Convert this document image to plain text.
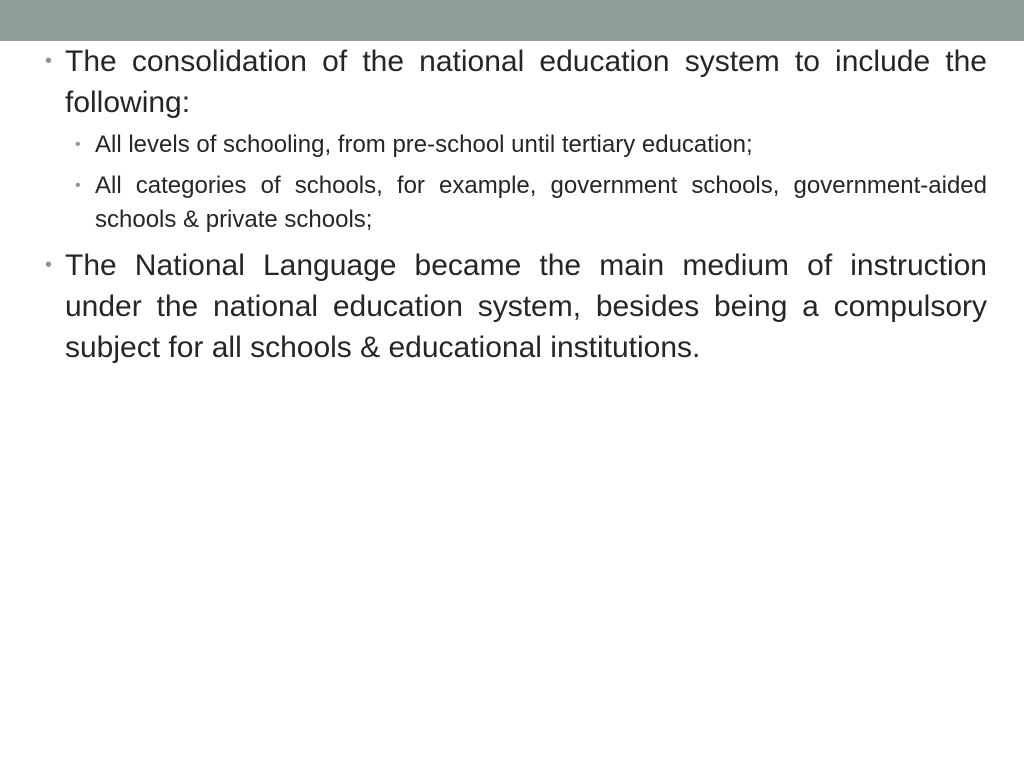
• The consolidation of the national education system to include the following:
• All levels of schooling, from pre-school until tertiary education;
• All categories of schools, for example, government schools, government-aided schools & private schools;
• The National Language became the main medium of instruction under the national education system, besides being a compulsory subject for all schools & educational institutions.
